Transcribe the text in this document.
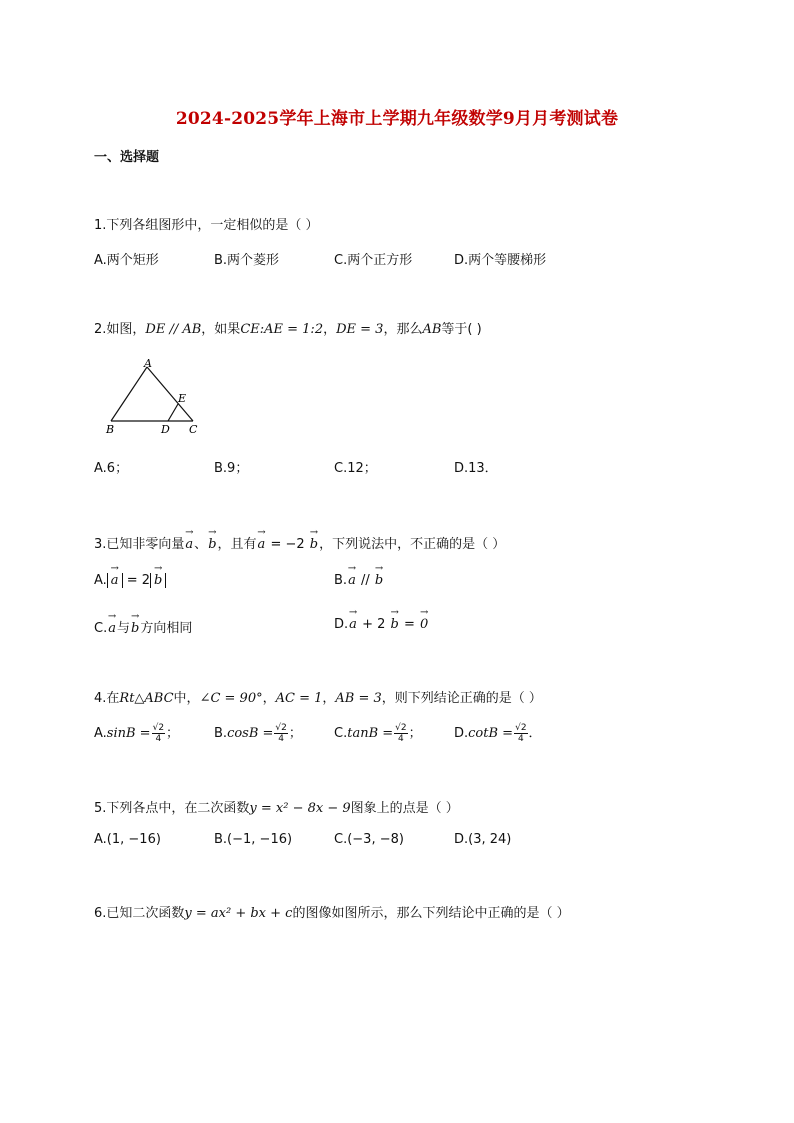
2024-2025学年上海市上学期九年级数学9月月考测试卷
一、选择题
1.下列各组图形中，一定相似的是（ ）
A.两个矩形	B.两个菱形	C.两个正方形	D.两个等腰梯形
2.如图，DE // AB，如果CE:AE = 1:2，DE = 3，那么AB等于( )
A
E
B	D C
A.6；	B.9；	C.12；	D.13．
3.已知非零向量→ a、→ b，且有→ a = −2 → b，下列说法中，不正确的是（ ）
A. → a = 2 → b	B.→ a // → b
C.→ a与→ b方向相同	D.→ a + 2 → b = → 0
4.在Rt△ABC中，∠C = 90°，AC = 1，AB = 3，则下列结论正确的是（ ）
$A.\sin B = \frac{√2}{4}$ ；	$B.\cos B = \frac{√2}{4}$ ； $C.\tan B = \frac{√2}{4}$ ； $D.\cot B = \frac{√2}{4}$ ．
5.下列各点中，在二次函数y = x² − 8x − 9图象上的点是（ ）
A.(1, −16)	B.(−1, −16)	C.(−3, −8)	D.(3, 24)
6.已知二次函数y = ax² + bx + c的图像如图所示，那么下列结论中正确的是（ ）
